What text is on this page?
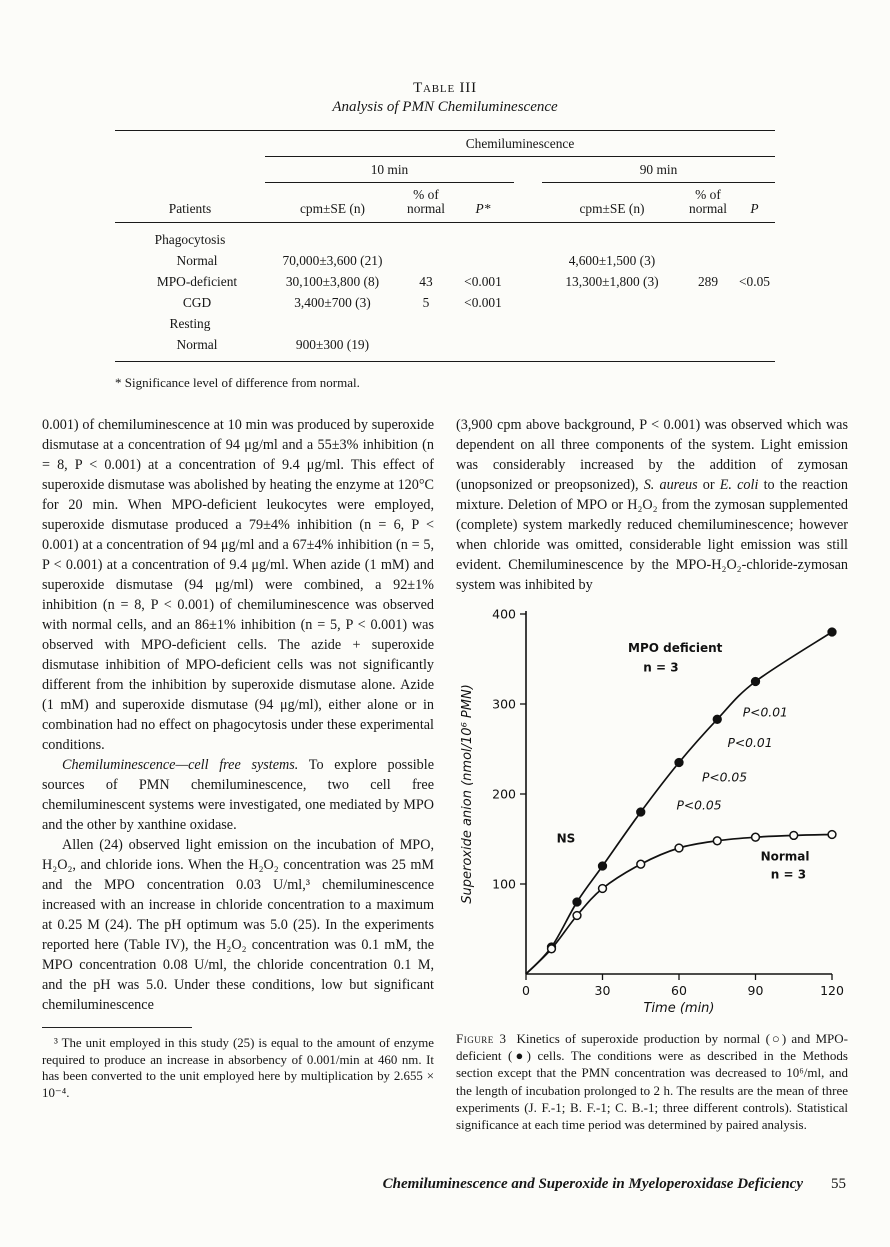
Table III
Analysis of PMN Chemiluminescence
	Chemiluminescence						
	10 min				90 min		
Patients	cpm±SE (n)	% of normal	P*		cpm±SE (n)	% of normal	P
Phagocytosis							
Normal	70,000±3,600 (21)				4,600±1,500 (3)		
MPO-deficient	30,100±3,800 (8)	43	<0.001		13,300±1,800 (3)	289	<0.05
CGD	3,400±700 (3)	5	<0.001				
Resting							
Normal	900±300 (19)						
* Significance level of difference from normal.

0.001) of chemiluminescence at 10 min was produced by superoxide dismutase at a concentration of 94 μg/ml and a 55±3% inhibition (n = 8, P < 0.001) at a concentration of 9.4 μg/ml. This effect of superoxide dismutase was abolished by heating the enzyme at 120°C for 20 min. When MPO-deficient leukocytes were employed, superoxide dismutase produced a 79±4% inhibition (n = 6, P < 0.001) at a concentration of 94 μg/ml and a 67±4% inhibition (n = 5, P < 0.001) at a concentration of 9.4 μg/ml. When azide (1 mM) and superoxide dismutase (94 μg/ml) were combined, a 92±1% inhibition (n = 8, P < 0.001) of chemiluminescence was observed with normal cells, and an 86±1% inhibition (n = 5, P < 0.001) was observed with MPO-deficient cells. The azide + superoxide dismutase inhibition of MPO-deficient cells was not significantly different from the inhibition by superoxide dismutase alone. Azide (1 mM) and superoxide dismutase (94 μg/ml), either alone or in combination had no effect on phagocytosis under these experimental conditions.

Chemiluminescence—cell free systems. To explore possible sources of PMN chemiluminescence, two cell free chemiluminescent systems were investigated, one mediated by MPO and the other by xanthine oxidase.

Allen (24) observed light emission on the incubation of MPO, H₂O₂, and chloride ions. When the H₂O₂ concentration was 25 mM and the MPO concentration 0.03 U/ml,³ chemiluminescence increased with an increase in chloride concentration to a maximum at 0.25 M (24). The pH optimum was 5.0 (25). In the experiments reported here (Table IV), the H₂O₂ concentration was 0.1 mM, the MPO concentration 0.08 U/ml, the chloride concentration 0.1 M, and the pH was 5.0. Under these conditions, low but significant chemiluminescence

³ The unit employed in this study (25) is equal to the amount of enzyme required to produce an increase in absorbency of 0.001/min at 460 nm. It has been converted to the unit employed here by multiplication by 2.655 × 10⁻⁴.

(3,900 cpm above background, P < 0.001) was observed which was dependent on all three components of the system. Light emission was considerably increased by the addition of zymosan (unopsonized or preopsonized), S. aureus or E. coli to the reaction mixture. Deletion of MPO or H₂O₂ from the zymosan supplemented (complete) system markedly reduced chemiluminescence; however when chloride was omitted, considerable light emission was still evident. Chemiluminescence by the MPO-H₂O₂-chloride-zymosan system was inhibited by

100
200
300
400
0	30	60	90	120
Time (min)
Superoxide anion (nmol/10⁶ PMN)
MPO deficient
n = 3
P<0.01
P<0.01
P<0.05
P<0.05
NS
Normal
n = 3
Figure 3 Kinetics of superoxide production by normal (○) and MPO-deficient (●) cells. The conditions were as described in the Methods section except that the PMN concentration was decreased to 10⁶/ml, and the length of incubation prolonged to 2 h. The results are the mean of three experiments (J. F.-1; B. F.-1; C. B.-1; three different controls). Statistical significance at each time period was determined by paired analysis.
Chemiluminescence and Superoxide in Myeloperoxidase Deficiency 55
